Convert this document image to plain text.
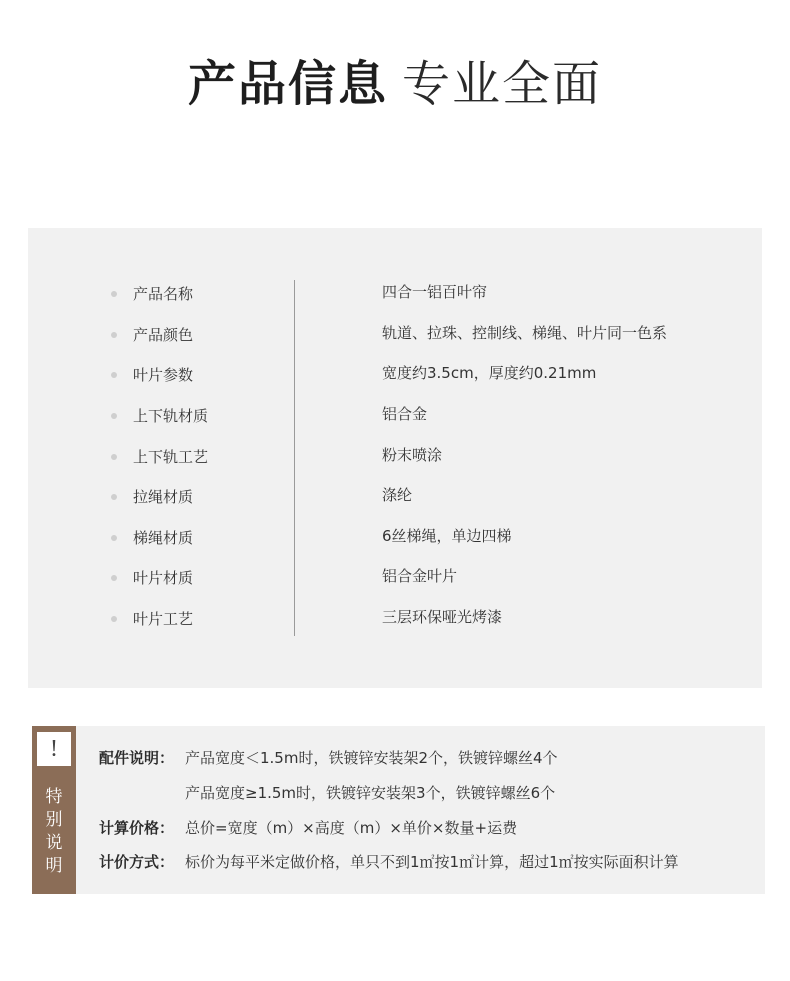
产品信息 专业全面
产品名称	四合一铝百叶帘
产品颜色	轨道、拉珠、控制线、梯绳、叶片同一色系
叶片参数	宽度约3.5cm，厚度约0.21mm
上下轨材质	铝合金
上下轨工艺	粉末喷涂
拉绳材质	涤纶
梯绳材质	6丝梯绳，单边四梯
叶片材质	铝合金叶片
叶片工艺	三层环保哑光烤漆
!
特
别
说
明
配件说明： 产品宽度＜1.5m时，铁镀锌安装架2个，铁镀锌螺丝4个
产品宽度≥1.5m时，铁镀锌安装架3个，铁镀锌螺丝6个
计算价格： 总价=宽度（m）×高度（m）×单价×数量+运费
计价方式： 标价为每平米定做价格，单只不到1㎡按1㎡计算，超过1㎡按实际面积计算
